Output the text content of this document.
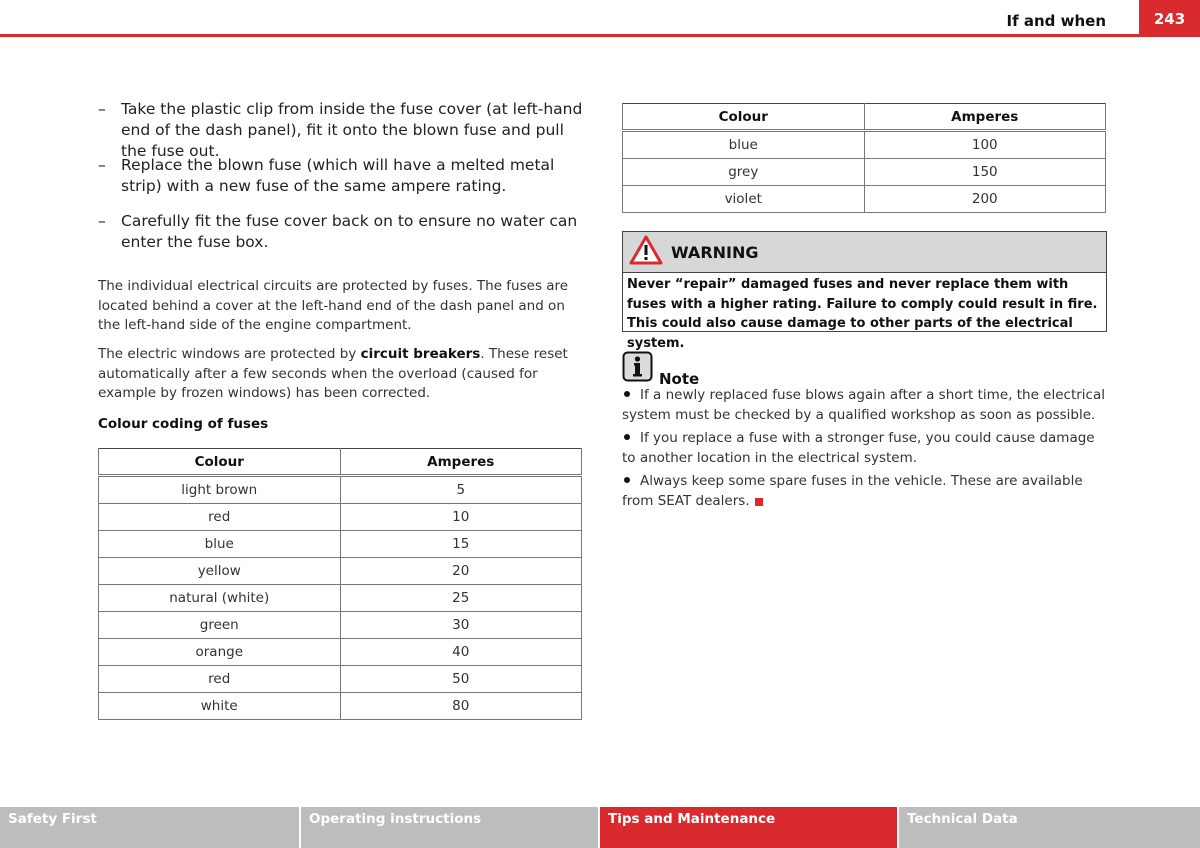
If and when	243
– Take the plastic clip from inside the fuse cover (at left-hand end of the dash panel), fit it onto the blown fuse and pull the fuse out.
– Replace the blown fuse (which will have a melted metal strip) with a new fuse of the same ampere rating.
– Carefully fit the fuse cover back on to ensure no water can enter the fuse box.
The individual electrical circuits are protected by fuses. The fuses are located behind a cover at the left-hand end of the dash panel and on the left-hand side of the engine compartment.
The electric windows are protected by circuit breakers. These reset automatically after a few seconds when the overload (caused for example by frozen windows) has been corrected.
Colour coding of fuses
Colour	Amperes
light brown	5
red	10
blue	15
yellow	20
natural (white)	25
green	30
orange	40
red	50
white	80
Colour	Amperes
blue	100
grey	150
violet	200
WARNING
Never “repair” damaged fuses and never replace them with fuses with a higher rating. Failure to comply could result in fire. This could also cause damage to other parts of the electrical system.
Note
If a newly replaced fuse blows again after a short time, the electrical system must be checked by a qualified workshop as soon as possible.
If you replace a fuse with a stronger fuse, you could cause damage to another location in the electrical system.
Always keep some spare fuses in the vehicle. These are available from SEAT dealers.
Safety First	Operating instructions	Tips and Maintenance	Technical Data
